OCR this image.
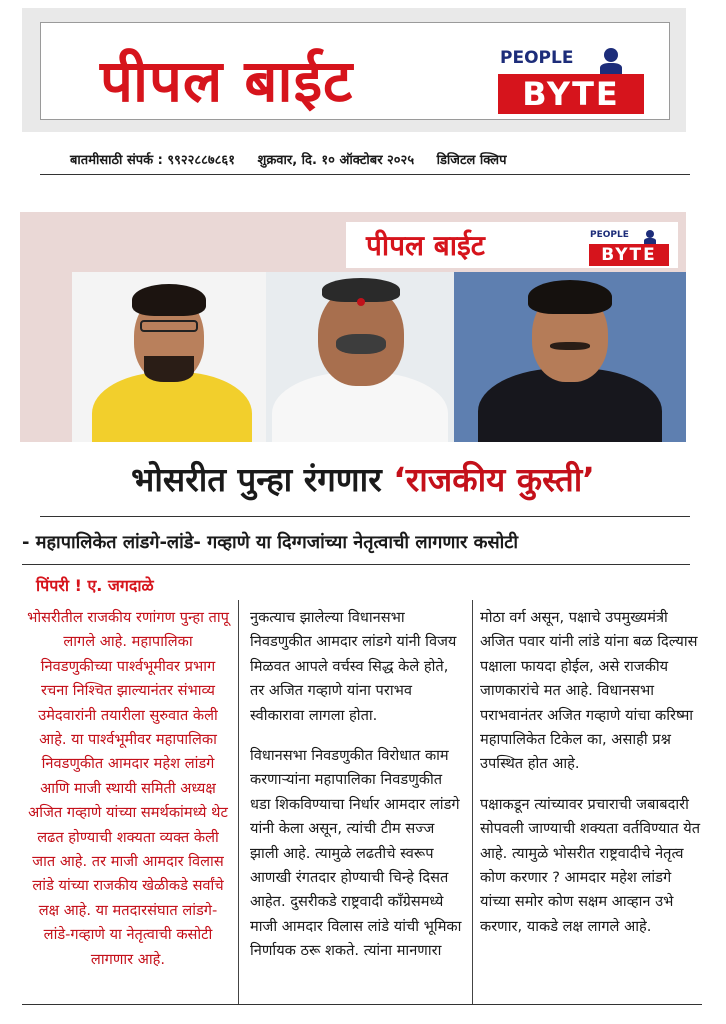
पीपल बाईट	PEOPLE
BYTE
बातमीसाठी संपर्क : ९९२२८८७८६१ शुक्रवार, दि. १० ऑक्टोबर २०२५ डिजिटल क्लिप
पीपल बाईट	PEOPLE
BYTE
भोसरीत पुन्हा रंगणार ‘राजकीय कुस्ती’
- महापालिकेत लांडगे-लांडे- गव्हाणे या दिग्गजांच्या नेतृत्वाची लागणार कसोटी
पिंपरी ! ए. जगदाळे

भोसरीतील राजकीय रणांगण पुन्हा तापू लागले आहे. महापालिका निवडणुकीच्या पार्श्वभूमीवर प्रभाग रचना निश्चित झाल्यानंतर संभाव्य उमेदवारांनी तयारीला सुरुवात केली आहे. या पार्श्वभूमीवर महापालिका निवडणुकीत आमदार महेश लांडगे आणि माजी स्थायी समिती अध्यक्ष अजित गव्हाणे यांच्या समर्थकांमध्ये थेट लढत होण्याची शक्यता व्यक्त केली जात आहे. तर माजी आमदार विलास लांडे यांच्या राजकीय खेळीकडे सर्वांचे लक्ष आहे. या मतदारसंघात लांडगे-लांडे-गव्हाणे या नेतृत्वाची कसोटी लागणार आहे.

नुकत्याच झालेल्या विधानसभा निवडणुकीत आमदार लांडगे यांनी विजय मिळवत आपले वर्चस्व सिद्ध केले होते, तर अजित गव्हाणे यांना पराभव स्वीकारावा लागला होता.

विधानसभा निवडणुकीत विरोधात काम करणाऱ्यांना महापालिका निवडणुकीत धडा शिकविण्याचा निर्धार आमदार लांडगे यांनी केला असून, त्यांची टीम सज्ज झाली आहे. त्यामुळे लढतीचे स्वरूप आणखी रंगतदार होण्याची चिन्हे दिसत आहेत. दुसरीकडे राष्ट्रवादी काँग्रेसमध्ये माजी आमदार विलास लांडे यांची भूमिका निर्णायक ठरू शकते. त्यांना मानणारा

मोठा वर्ग असून, पक्षाचे उपमुख्यमंत्री अजित पवार यांनी लांडे यांना बळ दिल्यास पक्षाला फायदा होईल, असे राजकीय जाणकारांचे मत आहे. विधानसभा पराभवानंतर अजित गव्हाणे यांचा करिष्मा महापालिकेत टिकेल का, असाही प्रश्न उपस्थित होत आहे.

पक्षाकडून त्यांच्यावर प्रचाराची जबाबदारी सोपवली जाण्याची शक्यता वर्तविण्यात येत आहे. त्यामुळे भोसरीत राष्ट्रवादीचे नेतृत्व कोण करणार ? आमदार महेश लांडगे यांच्या समोर कोण सक्षम आव्हान उभे करणार, याकडे लक्ष लागले आहे.
